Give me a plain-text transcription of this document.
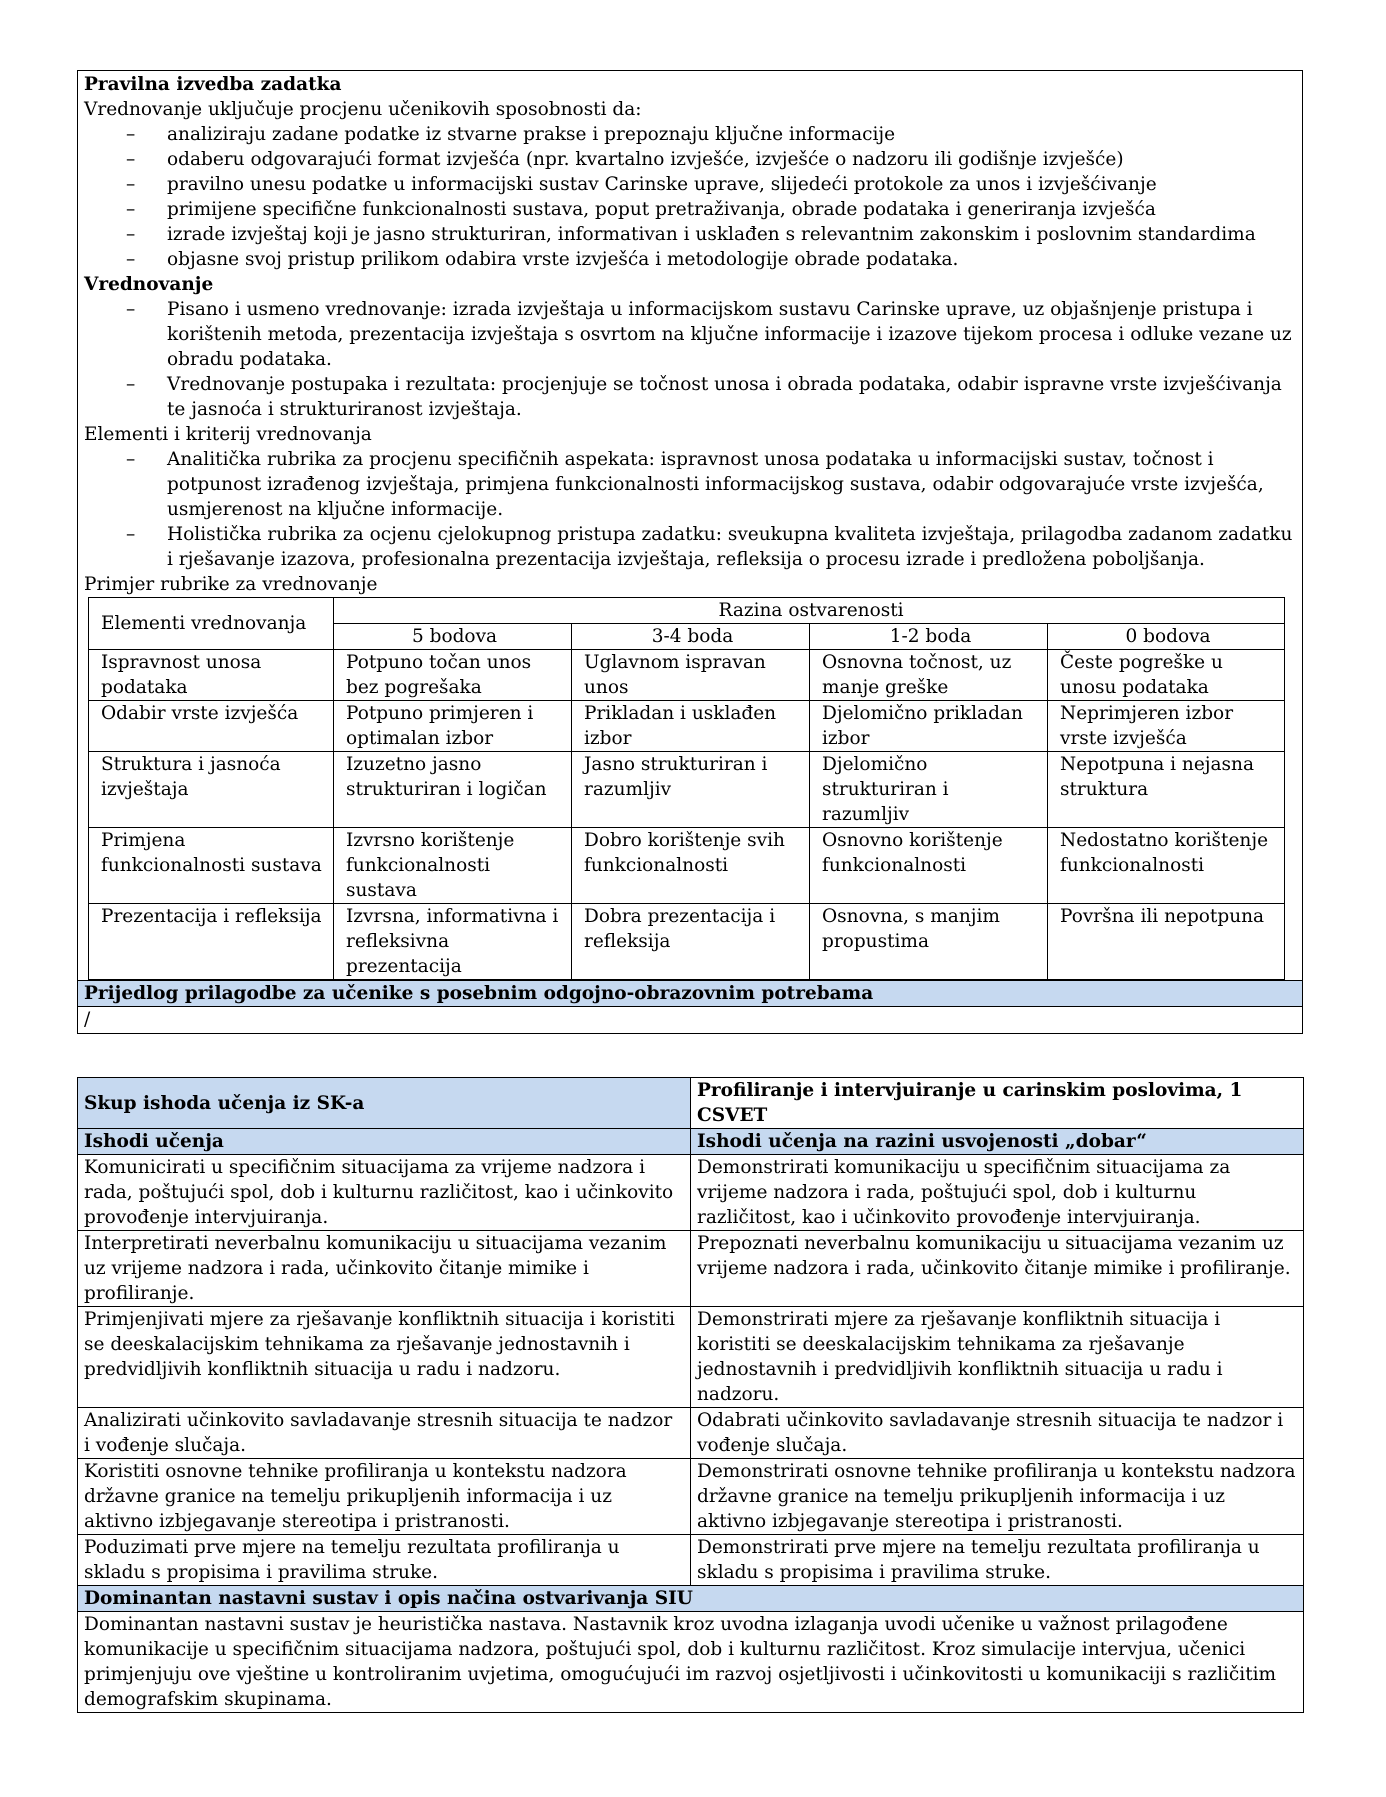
Pravilna izvedba zadatka
Vrednovanje uključuje procjenu učenikovih sposobnosti da:
– analiziraju zadane podatke iz stvarne prakse i prepoznaju ključne informacije
– odaberu odgovarajući format izvješća (npr. kvartalno izvješće, izvješće o nadzoru ili godišnje izvješće)
– pravilno unesu podatke u informacijski sustav Carinske uprave, slijedeći protokole za unos i izvješćivanje
– primijene specifične funkcionalnosti sustava, poput pretraživanja, obrade podataka i generiranja izvješća
– izrade izvještaj koji je jasno strukturiran, informativan i usklađen s relevantnim zakonskim i poslovnim standardima
– objasne svoj pristup prilikom odabira vrste izvješća i metodologije obrade podataka.
Vrednovanje
– Pisano i usmeno vrednovanje: izrada izvještaja u informacijskom sustavu Carinske uprave, uz objašnjenje pristupa i korištenih metoda, prezentacija izvještaja s osvrtom na ključne informacije i izazove tijekom procesa i odluke vezane uz obradu podataka.
– Vrednovanje postupaka i rezultata: procjenjuje se točnost unosa i obrada podataka, odabir ispravne vrste izvješćivanja te jasnoća i strukturiranost izvještaja.
Elementi i kriterij vrednovanja
– Analitička rubrika za procjenu specifičnih aspekata: ispravnost unosa podataka u informacijski sustav, točnost i potpunost izrađenog izvještaja, primjena funkcionalnosti informacijskog sustava, odabir odgovarajuće vrste izvješća, usmjerenost na ključne informacije.
– Holistička rubrika za ocjenu cjelokupnog pristupa zadatku: sveukupna kvaliteta izvještaja, prilagodba zadanom zadatku i rješavanje izazova, profesionalna prezentacija izvještaja, refleksija o procesu izrade i predložena poboljšanja.
Primjer rubrike za vrednovanje
Elementi vrednovanja	Razina ostvarenosti			
	5 bodova	3-4 boda	1-2 boda	0 bodova
Ispravnost unosa podataka	Potpuno točan unos bez pogrešaka	Uglavnom ispravan unos	Osnovna točnost, uz manje greške	Česte pogreške u unosu podataka
Odabir vrste izvješća	Potpuno primjeren i optimalan izbor	Prikladan i usklađen izbor	Djelomično prikladan izbor	Neprimjeren izbor vrste izvješća
Struktura i jasnoća izvještaja	Izuzetno jasno strukturiran i logičan	Jasno strukturiran i razumljiv	Djelomično strukturiran i razumljiv	Nepotpuna i nejasna struktura
Primjena funkcionalnosti sustava	Izvrsno korištenje funkcionalnosti sustava	Dobro korištenje svih funkcionalnosti	Osnovno korištenje funkcionalnosti	Nedostatno korištenje funkcionalnosti
Prezentacija i refleksija	Izvrsna, informativna i refleksivna prezentacija	Dobra prezentacija i refleksija	Osnovna, s manjim propustima	Površna ili nepotpuna
Prijedlog prilagodbe za učenike s posebnim odgojno-obrazovnim potrebama
/
Skup ishoda učenja iz SK-a	Profiliranje i intervjuiranje u carinskim poslovima, 1 CSVET
Ishodi učenja	Ishodi učenja na razini usvojenosti „dobar“
Komunicirati u specifičnim situacijama za vrijeme nadzora i rada, poštujući spol, dob i kulturnu različitost, kao i učinkovito provođenje intervjuiranja.	Demonstrirati komunikaciju u specifičnim situacijama za vrijeme nadzora i rada, poštujući spol, dob i kulturnu različitost, kao i učinkovito provođenje intervjuiranja.
Interpretirati neverbalnu komunikaciju u situacijama vezanim uz vrijeme nadzora i rada, učinkovito čitanje mimike i profiliranje.	Prepoznati neverbalnu komunikaciju u situacijama vezanim uz vrijeme nadzora i rada, učinkovito čitanje mimike i profiliranje.
Primjenjivati mjere za rješavanje konfliktnih situacija i koristiti se deeskalacijskim tehnikama za rješavanje jednostavnih i predvidljivih konfliktnih situacija u radu i nadzoru.	Demonstrirati mjere za rješavanje konfliktnih situacija i koristiti se deeskalacijskim tehnikama za rješavanje jednostavnih i predvidljivih konfliktnih situacija u radu i nadzoru.
Analizirati učinkovito savladavanje stresnih situacija te nadzor i vođenje slučaja.	Odabrati učinkovito savladavanje stresnih situacija te nadzor i vođenje slučaja.
Koristiti osnovne tehnike profiliranja u kontekstu nadzora državne granice na temelju prikupljenih informacija i uz aktivno izbjegavanje stereotipa i pristranosti.	Demonstrirati osnovne tehnike profiliranja u kontekstu nadzora državne granice na temelju prikupljenih informacija i uz aktivno izbjegavanje stereotipa i pristranosti.
Poduzimati prve mjere na temelju rezultata profiliranja u skladu s propisima i pravilima struke.	Demonstrirati prve mjere na temelju rezultata profiliranja u skladu s propisima i pravilima struke.
Dominantan nastavni sustav i opis načina ostvarivanja SIU	
Dominantan nastavni sustav je heuristička nastava. Nastavnik kroz uvodna izlaganja uvodi učenike u važnost prilagođene komunikacije u specifičnim situacijama nadzora, poštujući spol, dob i kulturnu različitost. Kroz simulacije intervjua, učenici primjenjuju ove vještine u kontroliranim uvjetima, omogućujući im razvoj osjetljivosti i učinkovitosti u komunikaciji s različitim demografskim skupinama.	
